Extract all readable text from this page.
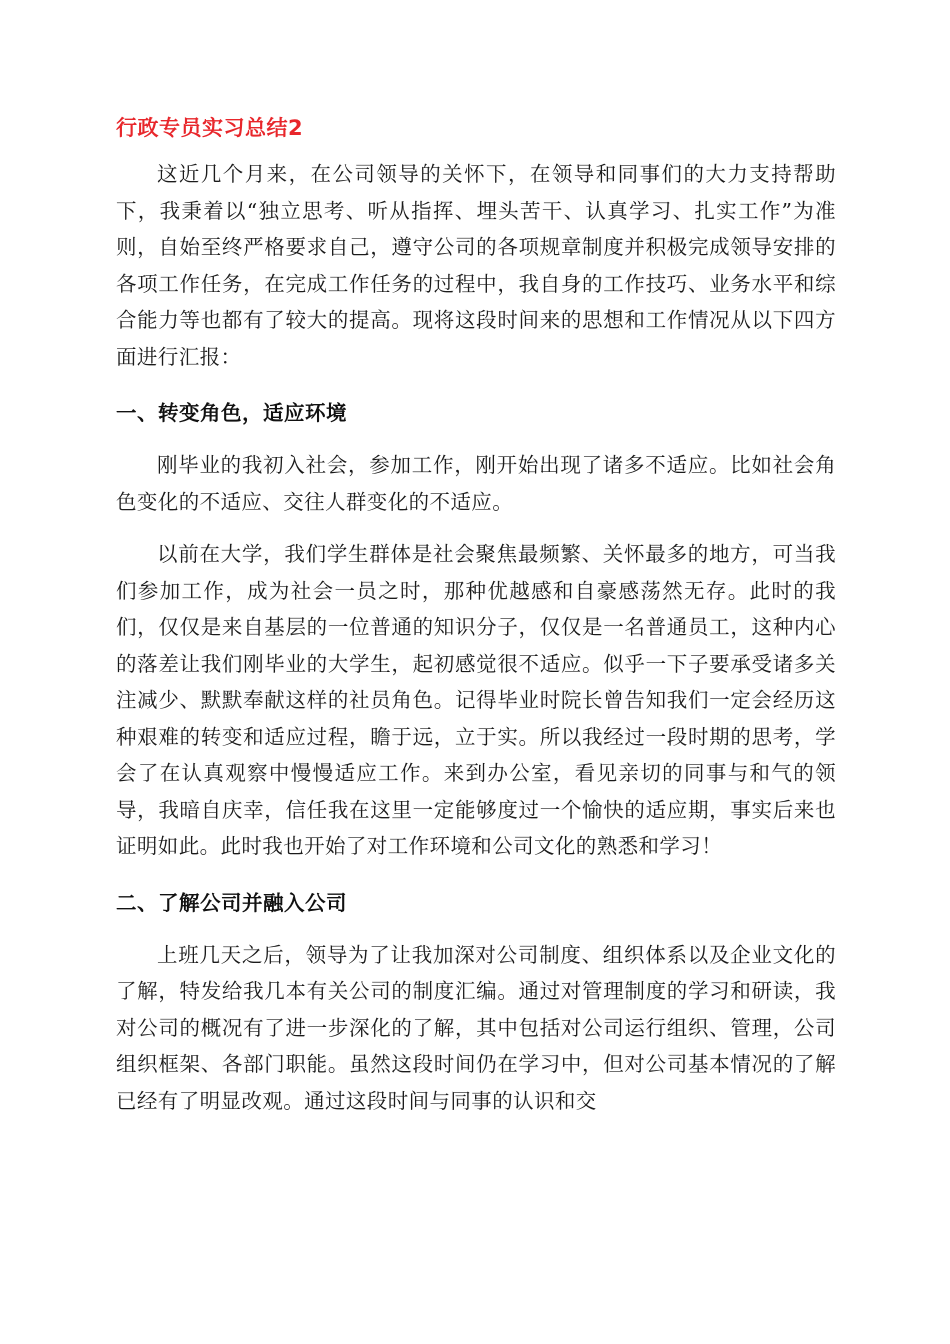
行政专员实习总结2

这近几个月来，在公司领导的关怀下，在领导和同事们的大力支持帮助下，我秉着以“独立思考、听从指挥、埋头苦干、认真学习、扎实工作”为准则，自始至终严格要求自己，遵守公司的各项规章制度并积极完成领导安排的各项工作任务，在完成工作任务的过程中，我自身的工作技巧、业务水平和综合能力等也都有了较大的提高。现将这段时间来的思想和工作情况从以下四方面进行汇报：

一、转变角色，适应环境

刚毕业的我初入社会，参加工作，刚开始出现了诸多不适应。比如社会角色变化的不适应、交往人群变化的不适应。

以前在大学，我们学生群体是社会聚焦最频繁、关怀最多的地方，可当我们参加工作，成为社会一员之时，那种优越感和自豪感荡然无存。此时的我们，仅仅是来自基层的一位普通的知识分子，仅仅是一名普通员工，这种内心的落差让我们刚毕业的大学生，起初感觉很不适应。似乎一下子要承受诸多关注减少、默默奉献这样的社员角色。记得毕业时院长曾告知我们一定会经历这种艰难的转变和适应过程，瞻于远，立于实。所以我经过一段时期的思考，学会了在认真观察中慢慢适应工作。来到办公室，看见亲切的同事与和气的领导，我暗自庆幸，信任我在这里一定能够度过一个愉快的适应期，事实后来也证明如此。此时我也开始了对工作环境和公司文化的熟悉和学习！

二、了解公司并融入公司

上班几天之后，领导为了让我加深对公司制度、组织体系以及企业文化的了解，特发给我几本有关公司的制度汇编。通过对管理制度的学习和研读，我对公司的概况有了进一步深化的了解，其中包括对公司运行组织、管理，公司组织框架、各部门职能。虽然这段时间仍在学习中，但对公司基本情况的了解已经有了明显改观。通过这段时间与同事的认识和交
